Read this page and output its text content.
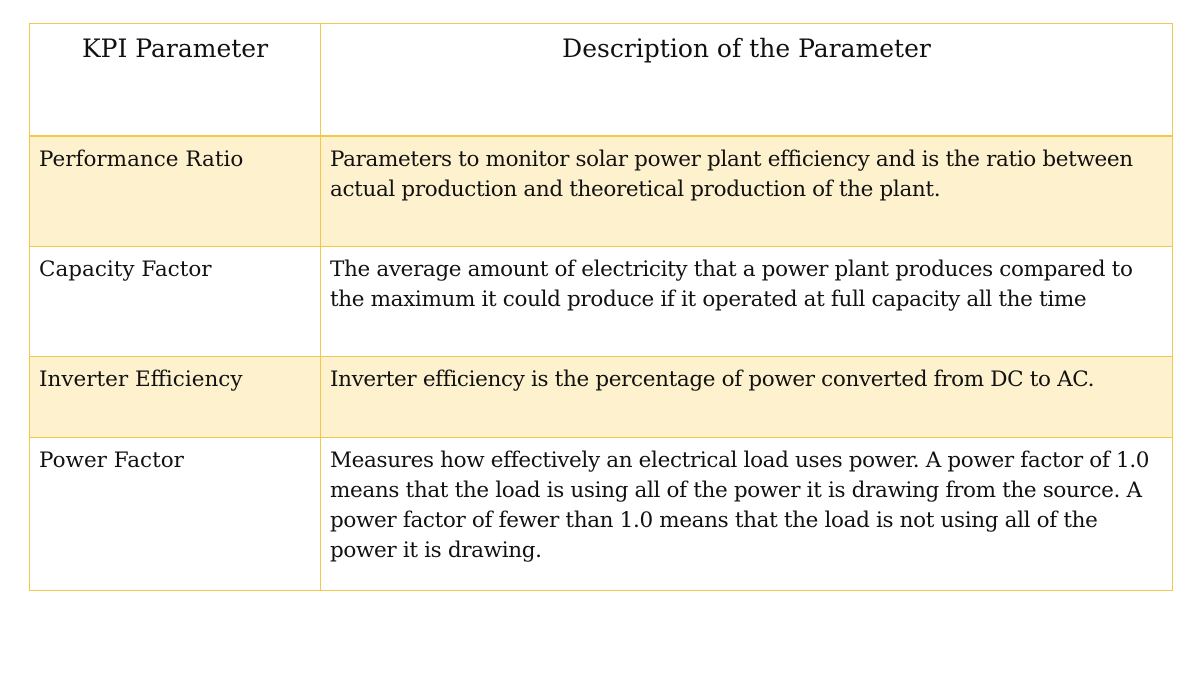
KPI Parameter	Description of the Parameter
Performance Ratio	Parameters to monitor solar power plant efficiency and is the ratio between actual production and theoretical production of the plant.
Capacity Factor	The average amount of electricity that a power plant produces compared to the maximum it could produce if it operated at full capacity all the time
Inverter Efficiency	Inverter efficiency is the percentage of power converted from DC to AC.
Power Factor	Measures how effectively an electrical load uses power. A power factor of 1.0 means that the load is using all of the power it is drawing from the source. A power factor of fewer than 1.0 means that the load is not using all of the power it is drawing.
